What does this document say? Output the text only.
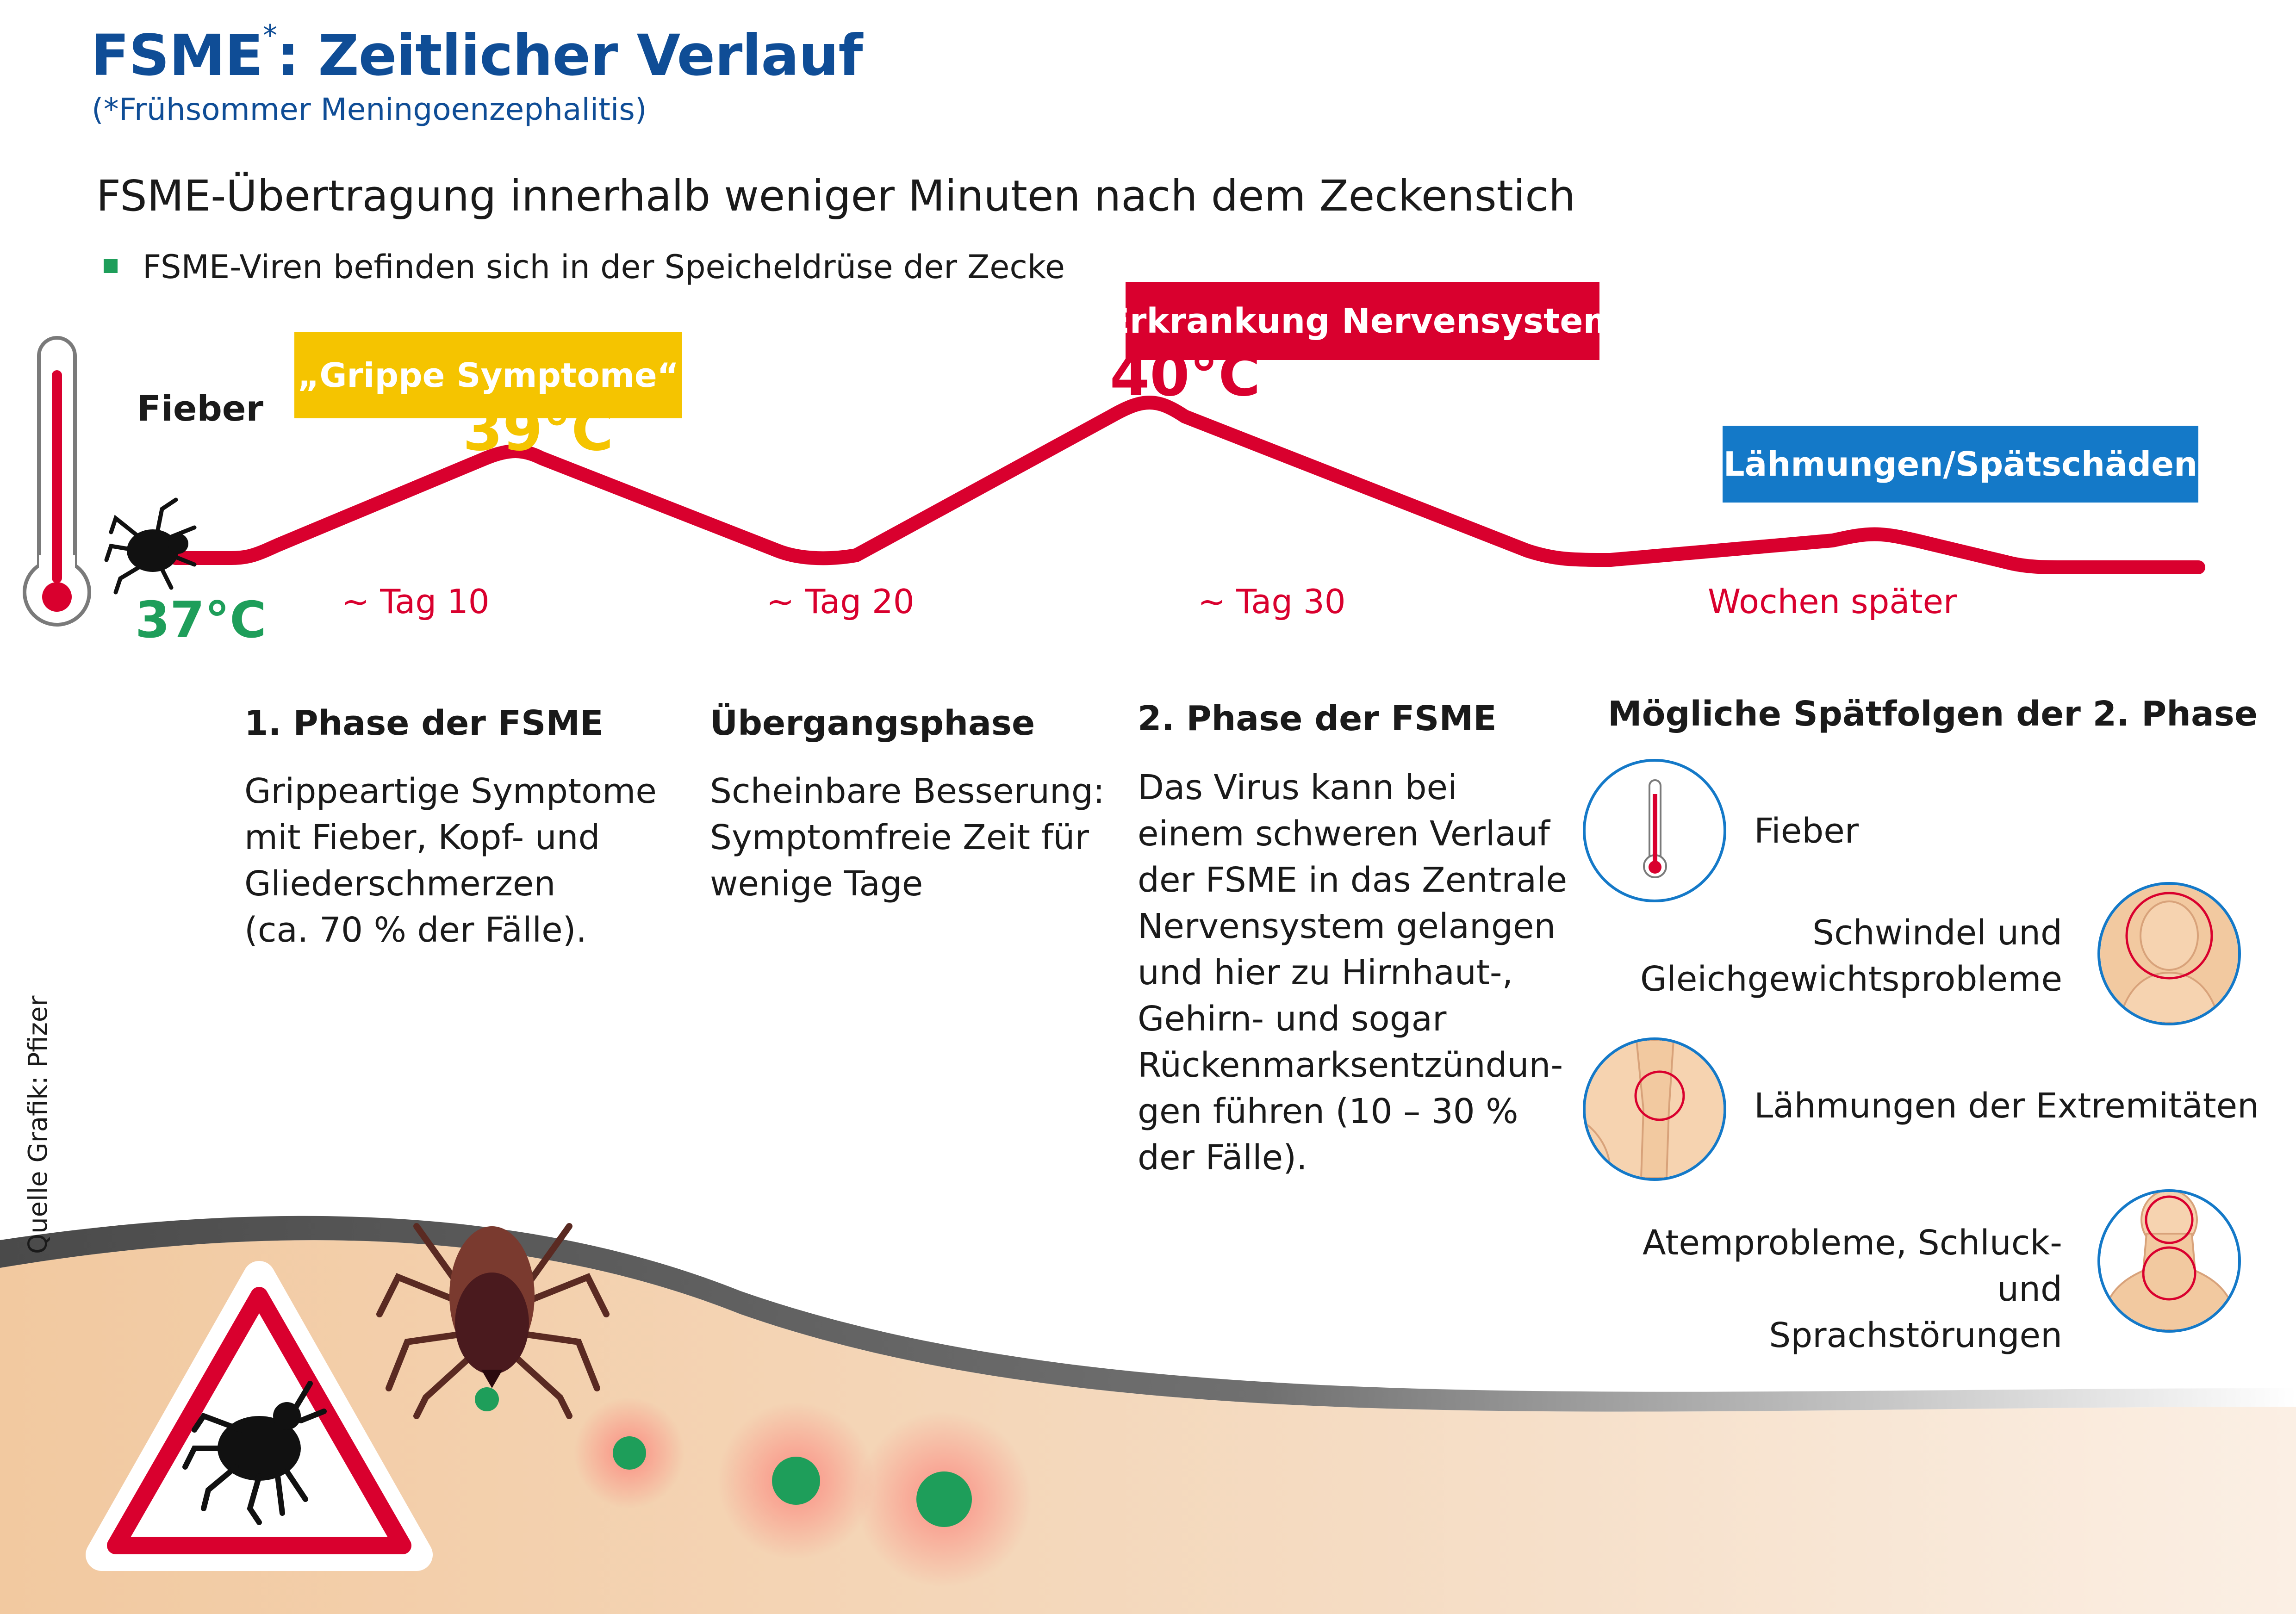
FSME*: Zeitlicher Verlauf
(*Frühsommer Meningoenzephalitis)
FSME-Übertragung innerhalb weniger Minuten nach dem Zeckenstich
FSME-Viren befinden sich in der Speicheldrüse der Zecke
Fieber
„Grippe Symptome“
Erkrankung Nervensystem
Lähmungen/Spätschäden
39°C
40°C
37°C ~ Tag 10	~ Tag 20	~ Tag 30	Wochen später
1. Phase der FSME
Grippeartige Symptome
mit Fieber, Kopf- und
Gliederschmerzen
(ca. 70 % der Fälle).
Übergangsphase
Scheinbare Besserung:
Symptomfreie Zeit für
wenige Tage
2. Phase der FSME
Das Virus kann bei
einem schweren Verlauf
der FSME in das Zentrale
Nervensystem gelangen
und hier zu Hirnhaut-,
Gehirn- und sogar
Rückenmarksentzündun-
gen führen (10 – 30 %
der Fälle).
Mögliche Spätfolgen der 2. Phase
Fieber
Schwindel und
Gleichgewichtsprobleme
Lähmungen der Extremitäten
Atemprobleme, Schluck- und
Sprachstörungen
Quelle Grafik: Pfizer
